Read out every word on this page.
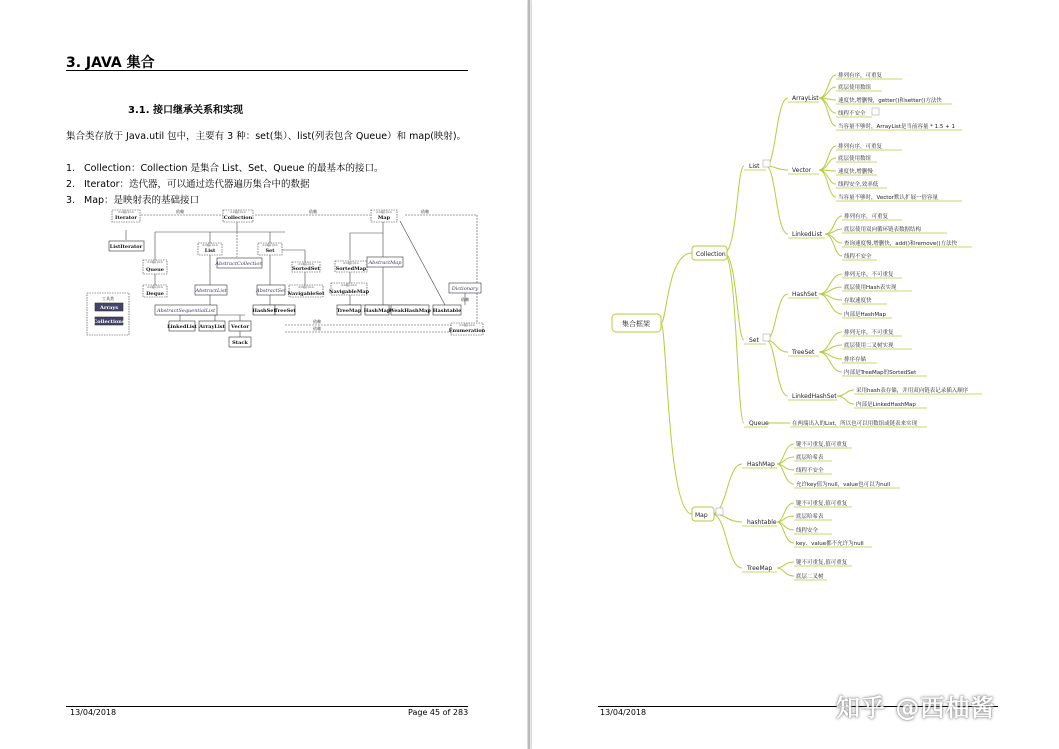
3. JAVA 集合
3.1. 接口继承关系和实现
集合类存放于 Java.util 包中，主要有 3 种：set(集）、list(列表包含 Queue）和 map(映射)。
1. Collection：Collection 是集合 List、Set、Queue 的最基本的接口。
2. Iterator：迭代器，可以通过迭代器遍历集合中的数据
3. Map：是映射表的基础接口
<<接口>>
Iterator
ListIterator
<<接口>>
Collection
<<接口>>
Map
<<接口>>
Queue
<<接口>>
List
<<接口>>
Set
AbstractCollection	<<接口>>
SortedSet
<<接口>>
SortedMap
AbstractMap
<<接口>>
Deque	AbstractList	AbstractSet
<<接口>>
NavigableSet
<<接口>>
NavigableMap	Dictionary
AbstractSequentialList
LinkedList ArrayList Vector
Stack
HashSet
TreeSet	TreeMap HashMap
WeakHashMap Hashtable
<<接口>>
Enumeration
工具类
Arrays
Collections
依赖	依赖	依赖
依赖
依赖
依赖
13/04/2018	Page 45 of 283
集合框架
Collection
Map
List
Set
Queue
ArrayList
Vector
LinkedList
HashSet
TreeSet
LinkedHashSet
HashMap
hashtable
TreeMap
在两端出入的List，所以也可以用数组或链表来实现
排列有序，可重复
底层使用数组
速度快,增删慢，getter()和setter()方法快
线程不安全
当容量不够时，ArrayList是当前容量 * 1.5 + 1
排列有序，可重复
底层使用数组
速度快,增删慢
线程安全,效率低
当容量不够时，Vector默认扩展一倍容量
排列有序，可重复
底层使用双向循环链表数据结构
查询速度慢,增删快，add()和remove()方法快
线程不安全
排列无序，不可重复
底层使用Hash表实现
存取速度快
内部是HashMap
排列无序，不可重复
底层使用二叉树实现
排序存储
内部是TreeMap的SortedSet
采用hash表存储，并用双向链表记录插入顺序
内部是LinkedHashMap
键不可重复,值可重复
底层哈希表
线程不安全
允许key值为null，value也可以为null
键不可重复,值可重复
底层哈希表
线程安全
key、value都不允许为null
键不可重复,值可重复
底层二叉树
13/04/2018	知乎 @西柚酱
